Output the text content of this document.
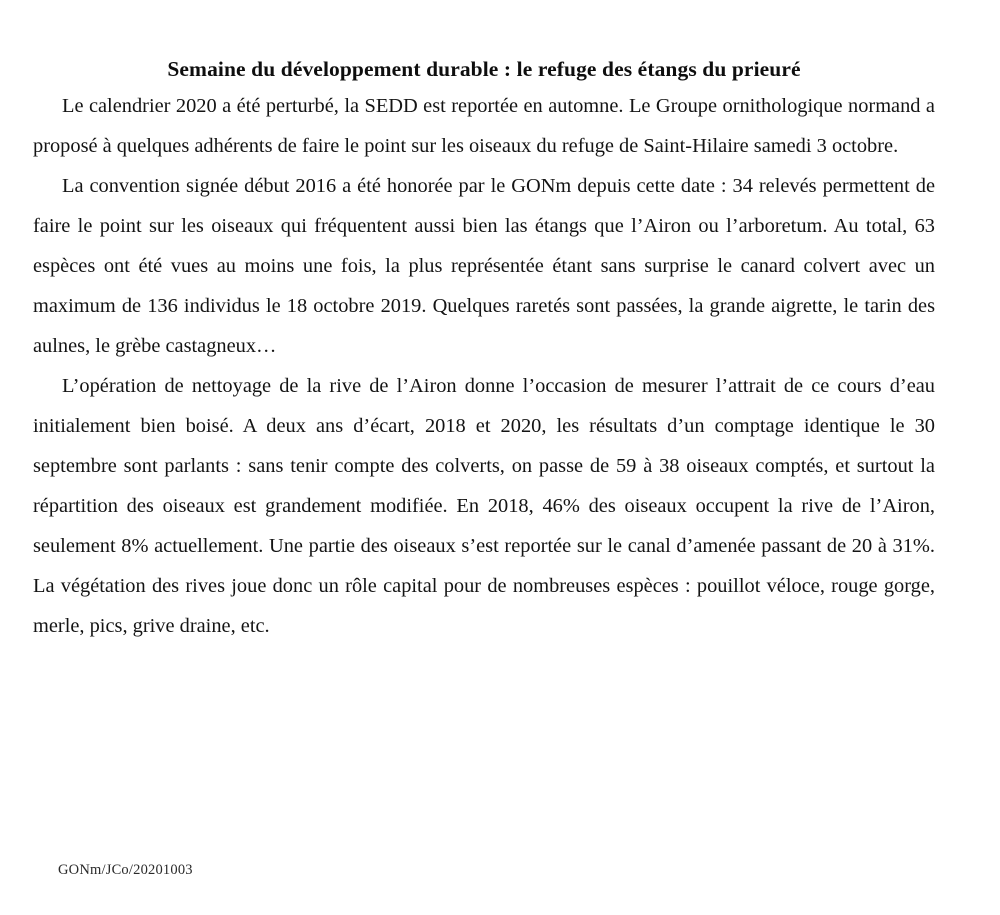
Semaine du développement durable : le refuge des étangs du prieuré

Le calendrier 2020 a été perturbé, la SEDD est reportée en automne. Le Groupe ornithologique normand a proposé à quelques adhérents de faire le point sur les oiseaux du refuge de Saint-Hilaire samedi 3 octobre.

La convention signée début 2016 a été honorée par le GONm depuis cette date : 34 relevés permettent de faire le point sur les oiseaux qui fréquentent aussi bien las étangs que l’Airon ou l’arboretum. Au total, 63 espèces ont été vues au moins une fois, la plus représentée étant sans surprise le canard colvert avec un maximum de 136 individus le 18 octobre 2019. Quelques raretés sont passées, la grande aigrette, le tarin des aulnes, le grèbe castagneux…

L’opération de nettoyage de la rive de l’Airon donne l’occasion de mesurer l’attrait de ce cours d’eau initialement bien boisé. A deux ans d’écart, 2018 et 2020, les résultats d’un comptage identique le 30 septembre sont parlants : sans tenir compte des colverts, on passe de 59 à 38 oiseaux comptés, et surtout la répartition des oiseaux est grandement modifiée. En 2018, 46% des oiseaux occupent la rive de l’Airon, seulement 8% actuellement. Une partie des oiseaux s’est reportée sur le canal d’amenée passant de 20 à 31%. La végétation des rives joue donc un rôle capital pour de nombreuses espèces : pouillot véloce, rouge gorge, merle, pics, grive draine, etc.

GONm/JCo/20201003
